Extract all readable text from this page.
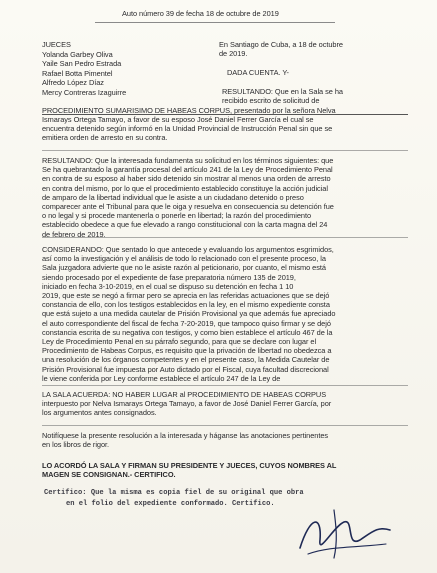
Auto número 39 de fecha 18 de octubre de 2019
JUECES
Yolanda Garbey Oliva
Yaile San Pedro Estrada
Rafael Botta Pimentel
Alfredo López Díaz
Mercy Contreras Izaguirre
En Santiago de Cuba, a 18 de octubre
de 2019.
DADA CUENTA. Y-
RESULTANDO: Que en la Sala se ha
recibido escrito de solicitud de
PROCEDIMIENTO SUMARISIMO DE HABEAS CORPUS, presentado por la señora Nelva
Ismarays Ortega Tamayo, a favor de su esposo José Daniel Ferrer García el cual se
encuentra detenido según informó en la Unidad Provincial de Instrucción Penal sin que se
emitiera orden de arresto en su contra.
RESULTANDO: Que la interesada fundamenta su solicitud en los términos siguientes: que
Se ha quebrantado la garantía procesal del artículo 241 de la Ley de Procedimiento Penal
en contra de su esposo al haber sido detenido sin mostrar al menos una orden de arresto
en contra del mismo, por lo que el procedimiento establecido constituye la acción judicial
de amparo de la libertad individual que le asiste a un ciudadano detenido o preso
comparecer ante el Tribunal para que le oiga y resuelva en consecuencia su detención fue
o no legal y si procede mantenerla o ponerle en libertad; la razón del procedimiento
establecido obedece a que fue elevado a rango constitucional con la carta magna del 24
de febrero de 2019.
CONSIDERANDO: Que sentado lo que antecede y evaluando los argumentos esgrimidos,
así como la investigación y el análisis de todo lo relacionado con el presente proceso, la
Sala juzgadora advierte que no le asiste razón al peticionario, por cuanto, el mismo está
siendo procesado por el expediente de fase preparatoria número 135 de 2019,
iniciado en fecha 3-10-2019, en el cual se dispuso su detención en fecha 1 10
2019, que este se negó a firmar pero se aprecia en las referidas actuaciones que se dejó
constancia de ello, con los testigos establecidos en la ley, en el mismo expediente consta
que está sujeto a una medida cautelar de Prisión Provisional ya que además fue apreciado
el auto correspondiente del fiscal de fecha 7-20-2019, que tampoco quiso firmar y se dejó
constancia escrita de su negativa con testigos, y como bien establece el artículo 467 de la
Ley de Procedimiento Penal en su párrafo segundo, para que se declare con lugar el
Procedimiento de Habeas Corpus, es requisito que la privación de libertad no obedezca a
una resolución de los órganos competentes y en el presente caso, la Medida Cautelar de
Prisión Provisional fue impuesta por Auto dictado por el Fiscal, cuya facultad discrecional
le viene conferida por Ley conforme establece el artículo 247 de la Ley de
LA SALA ACUERDA: NO HABER LUGAR al PROCEDIMIENTO DE HABEAS CORPUS
interpuesto por Nelva Ismarays Ortega Tamayo, a favor de José Daniel Ferrer García, por
los argumentos antes consignados.
Notifíquese la presente resolución a la interesada y háganse las anotaciones pertinentes
en los libros de rigor.
LO ACORDÓ LA SALA Y FIRMAN SU PRESIDENTE Y JUECES, CUYOS NOMBRES AL
MAGEN SE CONSIGNAN.- CERTIFICO.
Certifico: Que la misma es copia fiel de su original que obra
en el folio del expediente conformado. Certifico.
